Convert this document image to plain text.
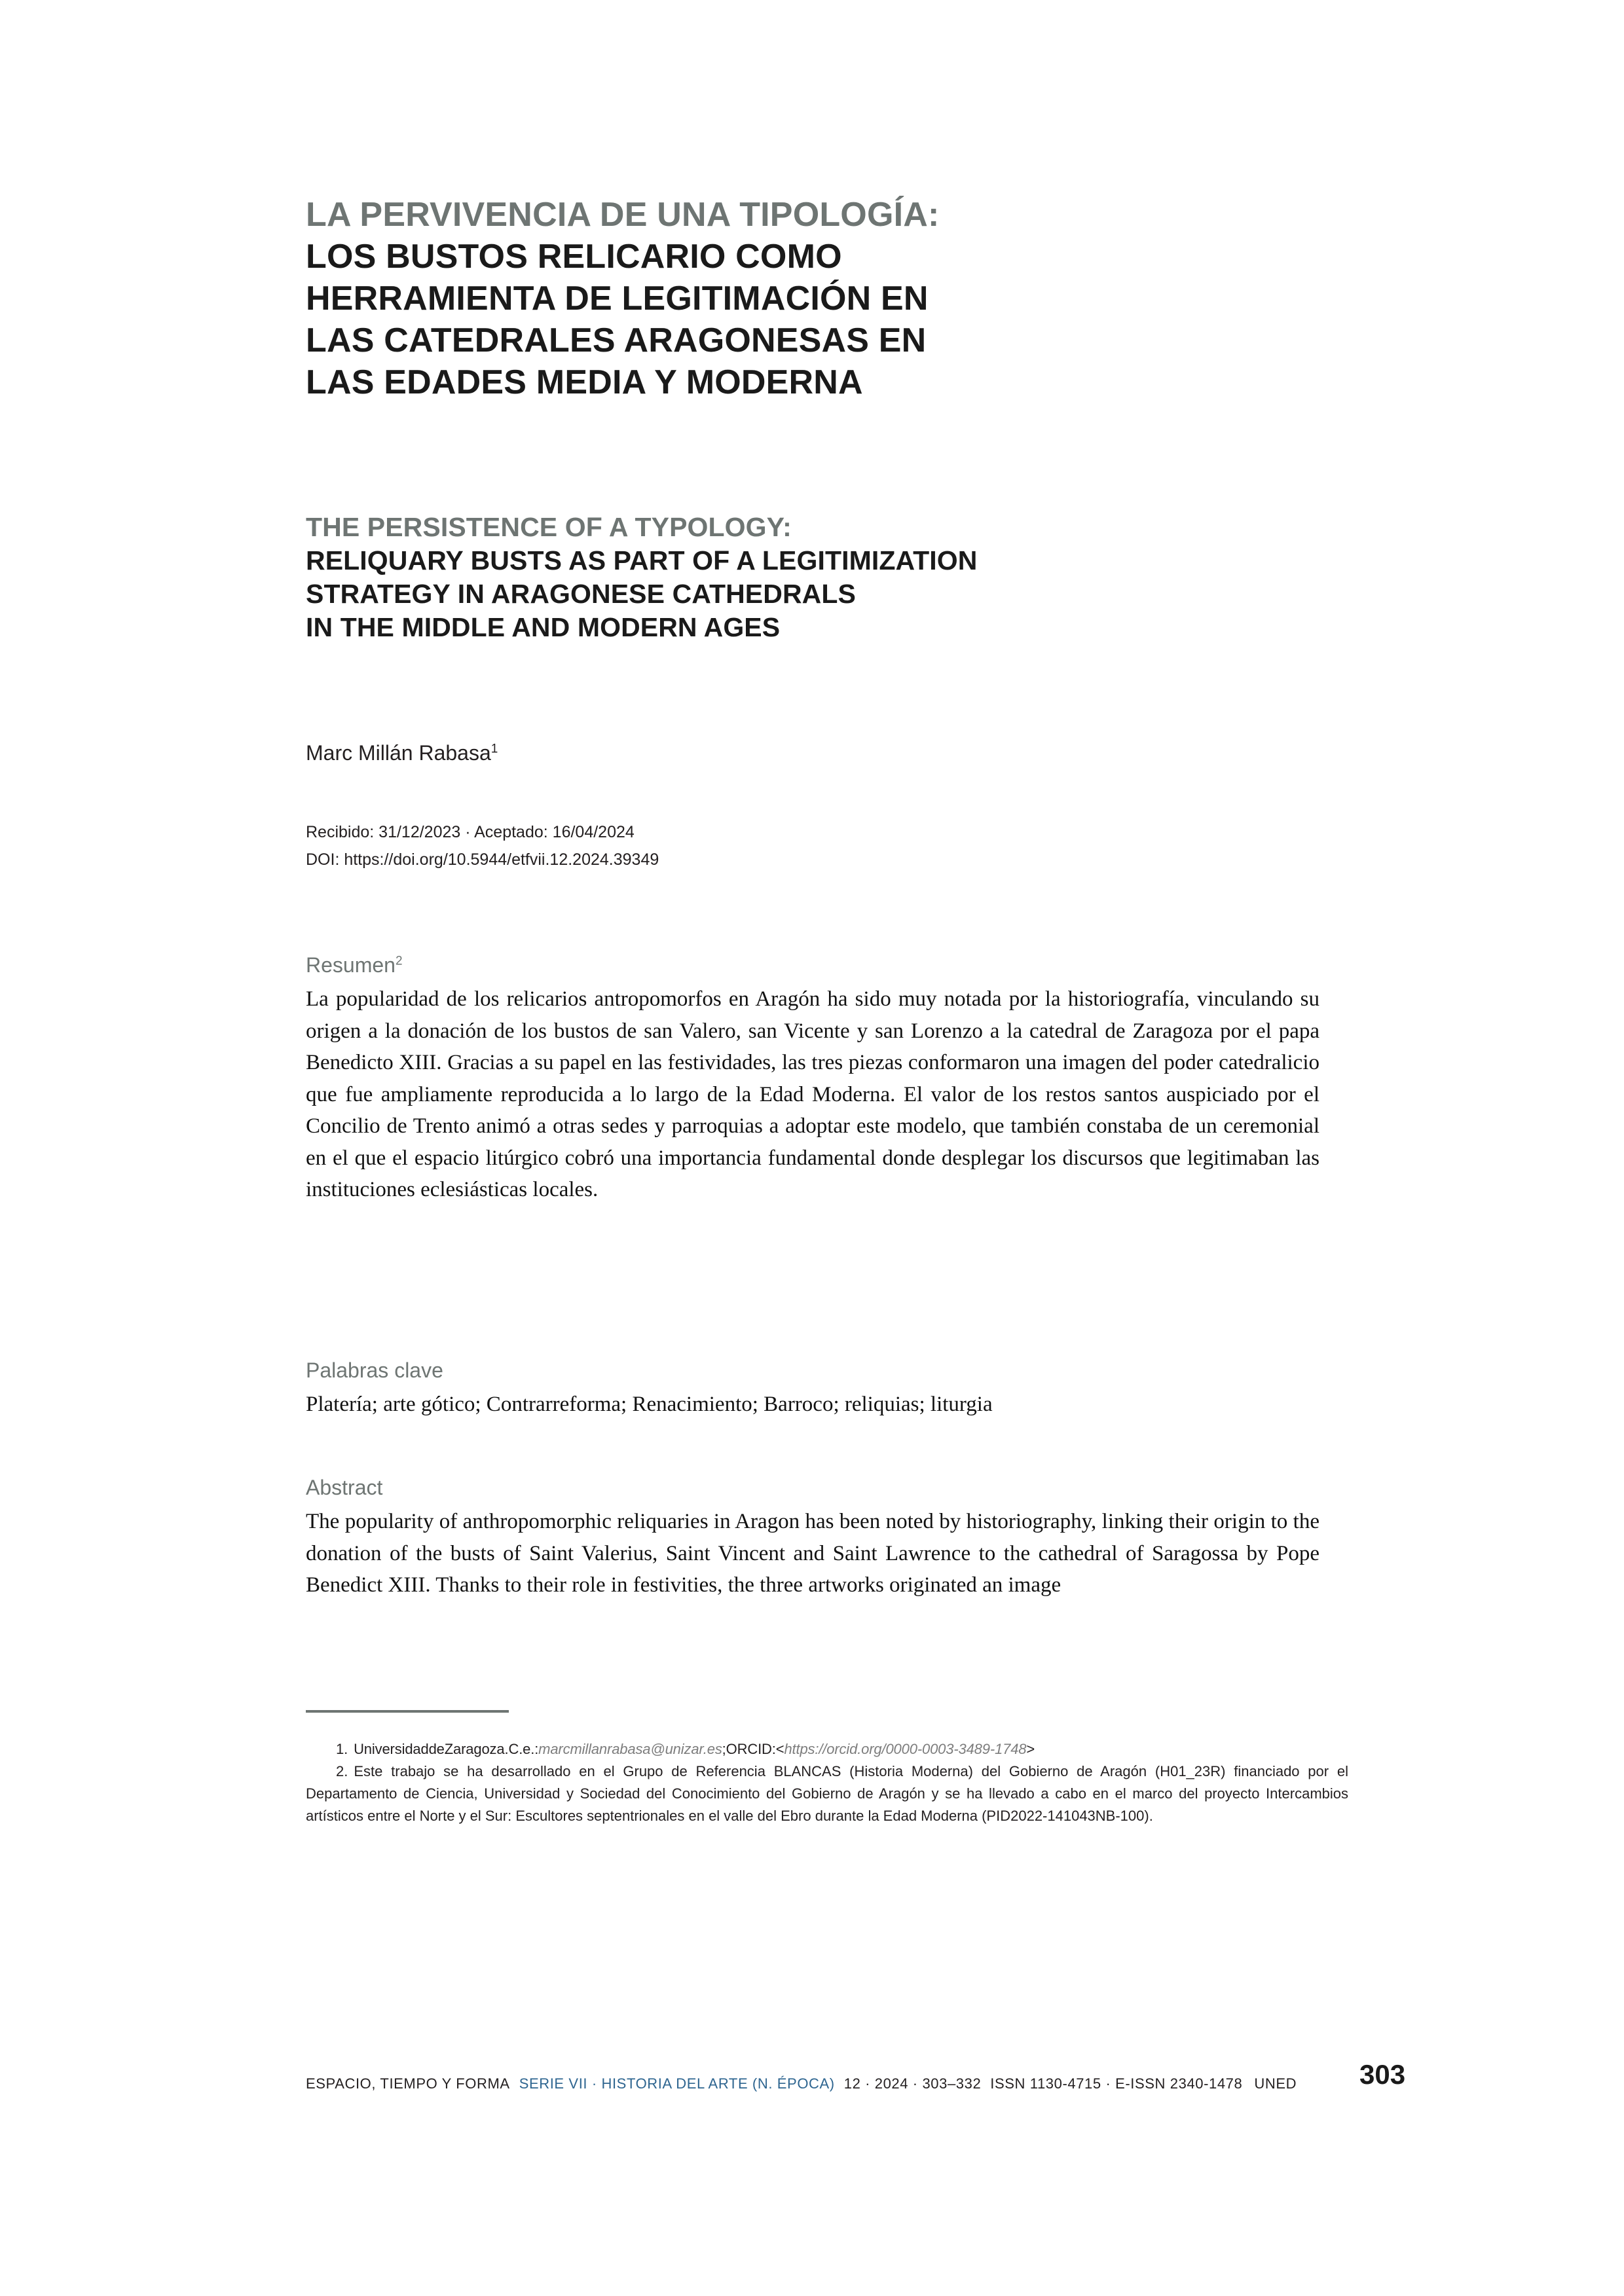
LA PERVIVENCIA DE UNA TIPOLOGÍA:
LOS BUSTOS RELICARIO COMO
HERRAMIENTA DE LEGITIMACIÓN EN
LAS CATEDRALES ARAGONESAS EN
LAS EDADES MEDIA Y MODERNA
THE PERSISTENCE OF A TYPOLOGY:
RELIQUARY BUSTS AS PART OF A LEGITIMIZATION
STRATEGY IN ARAGONESE CATHEDRALS
IN THE MIDDLE AND MODERN AGES
Marc Millán Rabasa$^1$
Recibido: 31/12/2023 · Aceptado: 16/04/2024
DOI: https://doi.org/10.5944/etfvii.12.2024.39349
Resumen$^2$

La popularidad de los relicarios antropomorfos en Aragón ha sido muy notada por la historiografía, vinculando su origen a la donación de los bustos de san Valero, san Vicente y san Lorenzo a la catedral de Zaragoza por el papa Benedicto XIII. Gracias a su papel en las festividades, las tres piezas conformaron una imagen del poder catedralicio que fue ampliamente reproducida a lo largo de la Edad Moderna. El valor de los restos santos auspiciado por el Concilio de Trento animó a otras sedes y parroquias a adoptar este modelo, que también constaba de un ceremonial en el que el espacio litúrgico cobró una importancia fundamental donde desplegar los discursos que legitimaban las instituciones eclesiásticas locales.

Palabras clave

Platería; arte gótico; Contrarreforma; Renacimiento; Barroco; reliquias; liturgia

Abstract

The popularity of anthropomorphic reliquaries in Aragon has been noted by historiography, linking their origin to the donation of the busts of Saint Valerius, Saint Vincent and Saint Lawrence to the cathedral of Saragossa by Pope Benedict XIII. Thanks to their role in festivities, the three artworks originated an image

1. UniversidaddeZaragoza.C.e.:marcmillanrabasa@unizar.es;ORCID:<https://orcid.org/0000-0003-3489-1748>

2. Este trabajo se ha desarrollado en el Grupo de Referencia BLANCAS (Historia Moderna) del Gobierno de Aragón (H01_23R) financiado por el Departamento de Ciencia, Universidad y Sociedad del Conocimiento del Gobierno de Aragón y se ha llevado a cabo en el marco del proyecto Intercambios artísticos entre el Norte y el Sur: Escultores septentrionales en el valle del Ebro durante la Edad Moderna (PID2022-141043NB-100).

ESPACIO, TIEMPO Y FORMA SERIE VII · HISTORIA DEL ARTE (N. ÉPOCA) 12 · 2024 · 303–332 ISSN 1130-4715 · E-ISSN 2340-1478 UNED	303
